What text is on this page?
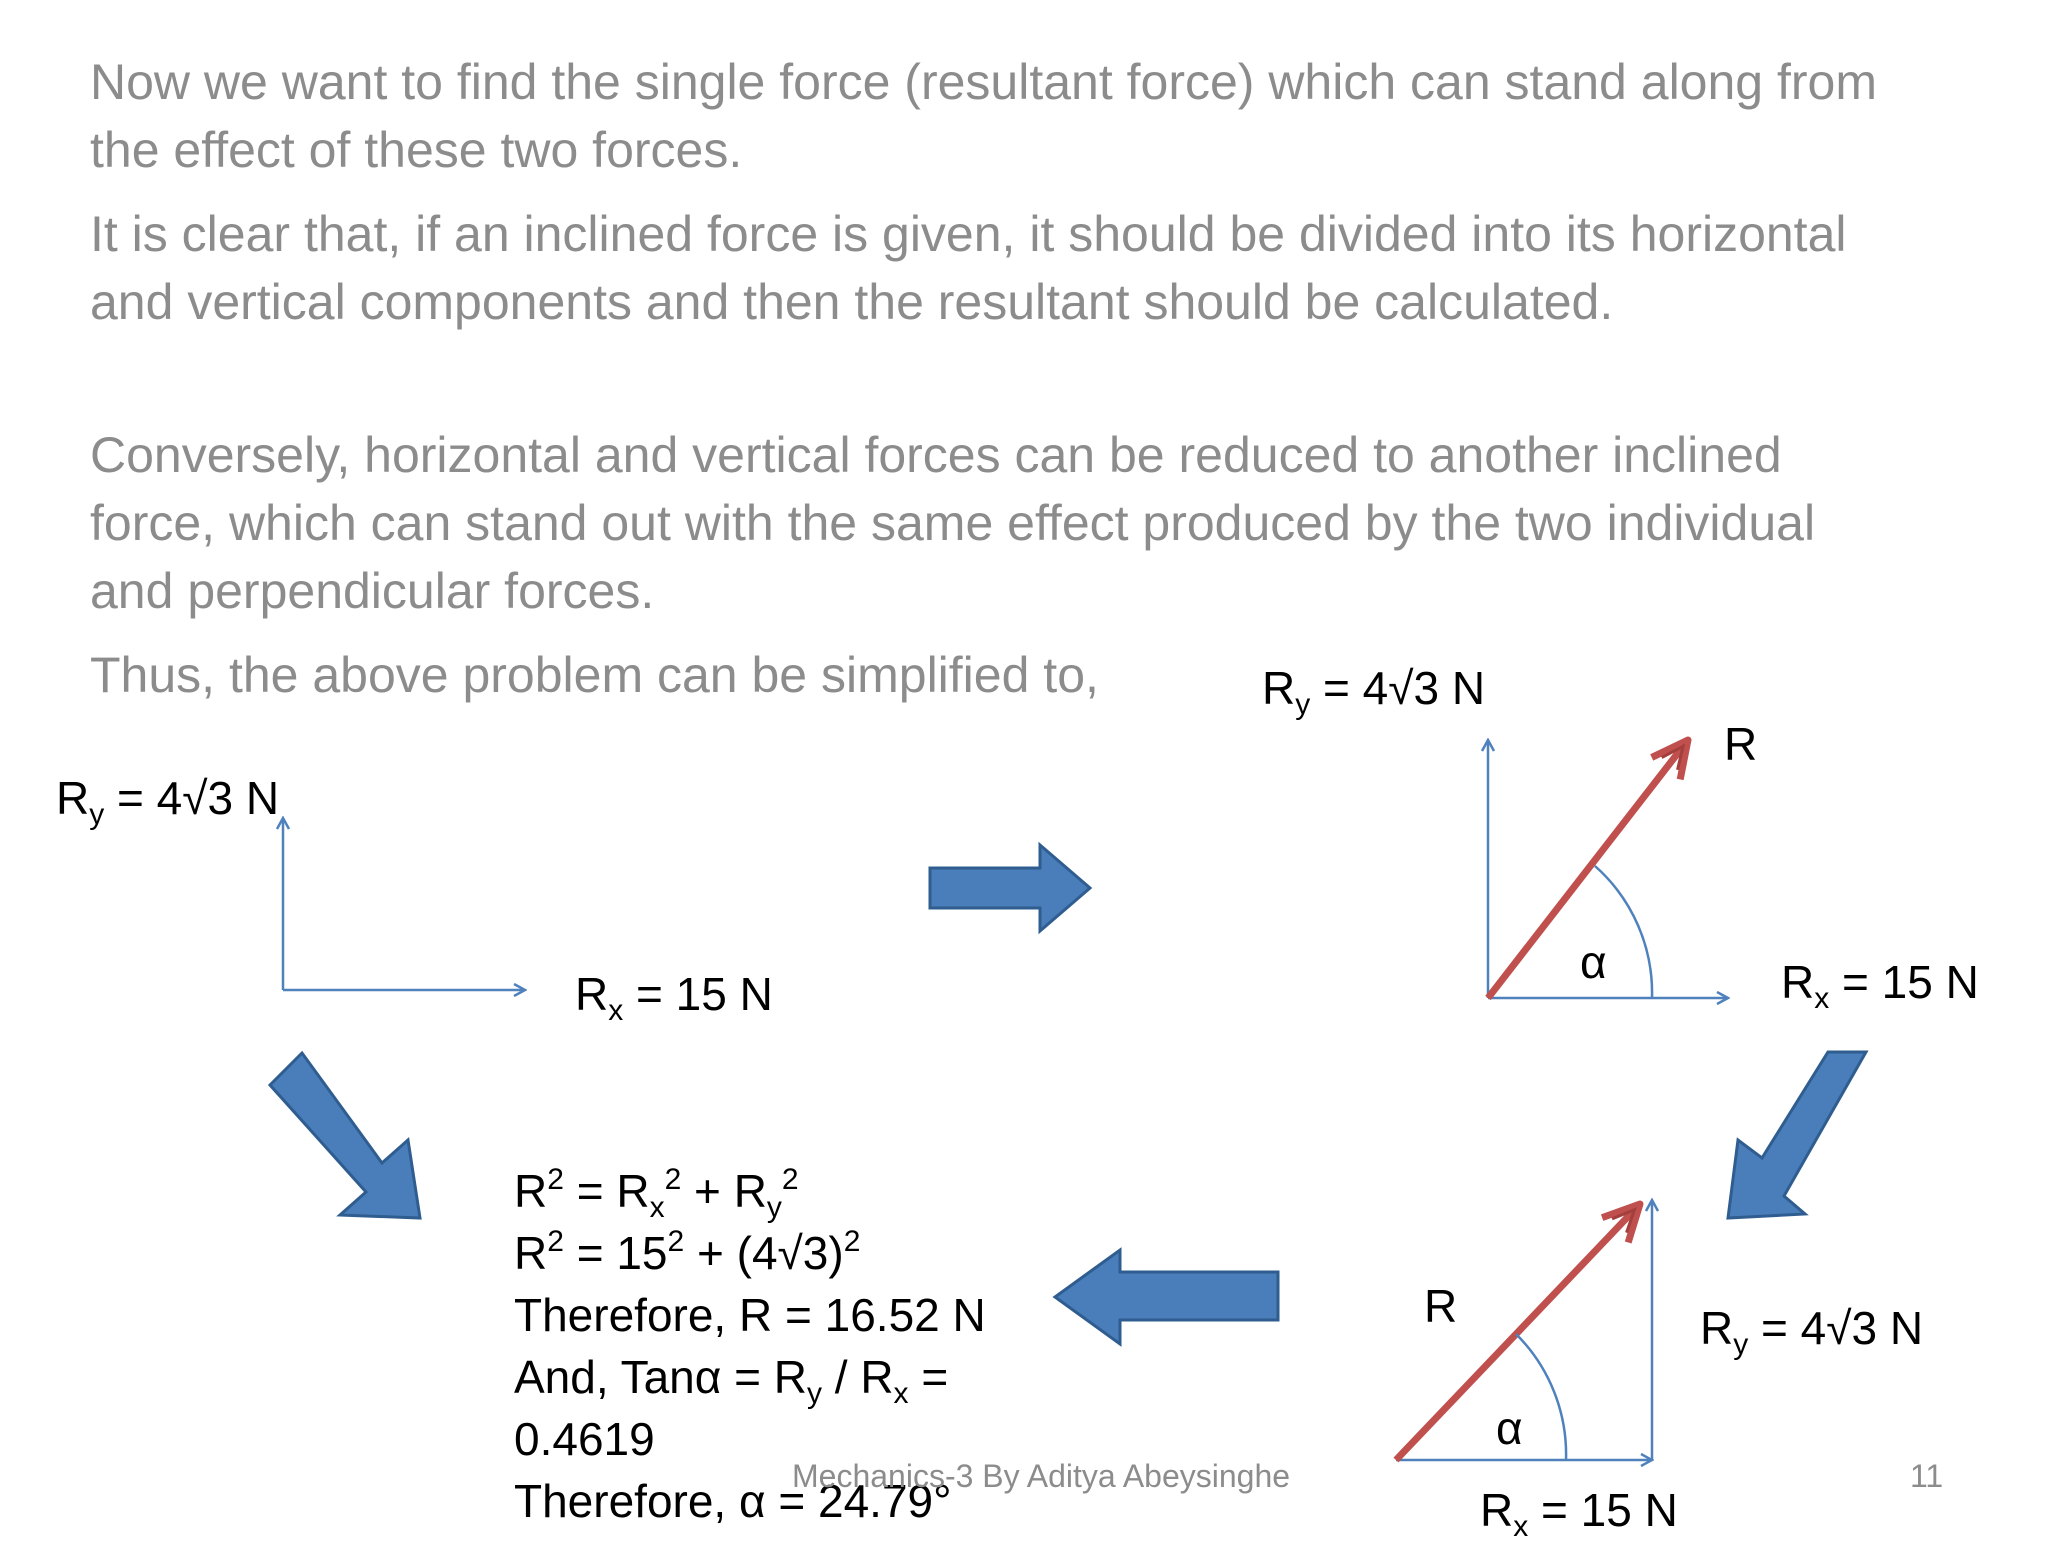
Now we want to find the single force (resultant force) which can stand along from the effect of these two forces.

It is clear that, if an inclined force is given, it should be divided into its horizontal and vertical components and then the resultant should be calculated.

Conversely, horizontal and vertical forces can be reduced to another inclined force, which can stand out with the same effect produced by the two individual and perpendicular forces.

Thus, the above problem can be simplified to,

$R_y = 4√3$ N
$R_x = 15$ N
$R_y = 4√3$ N
R
α	$R_x = 15$ N
R	$R_y = 4√3$ N
α
$R_x = 15$ N
$R^2 = R_x^2 + R_y^2$
$R^2 = 15^2 + (4√3)^2$
Therefore, R = 16.52 N
And, $Tan\alpha = R_y / R_x$ =
0.4619
Therefore, α = 24.79°
Mechanics-3 By Aditya Abeysinghe	11
